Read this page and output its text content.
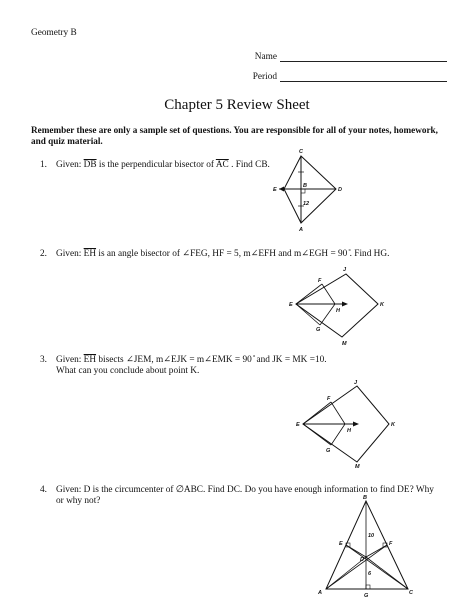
Geometry B
Name
Period
Chapter 5 Review Sheet
Remember these are only a sample set of questions. You are responsible for all of your notes, homework, and quiz material.
1. Given: $\overline{DB}$ is the perpendicular bisector of $\overline{AC}$ . Find CB.
C
E
B
D
12
A
2. Given: $\overline{EH}$ is an angle bisector of ∠FEG, HF = 5, m∠EFH and m∠EGH = 90 ̊. Find HG.
J
F
E
H
K
G
M
3. Given: $\overline{EH}$ bisects ∠JEM, m∠EJK = m∠EMK = 90 ̊ and JK = MK =10.
What can you conclude about point K.
J
F
E
H
K
G
M
4. Given: D is the circumcenter of ∅ABC. Find DC. Do you have enough information to find DE? Why
or why not?	B
E	F
10
D
6
A	G	C
